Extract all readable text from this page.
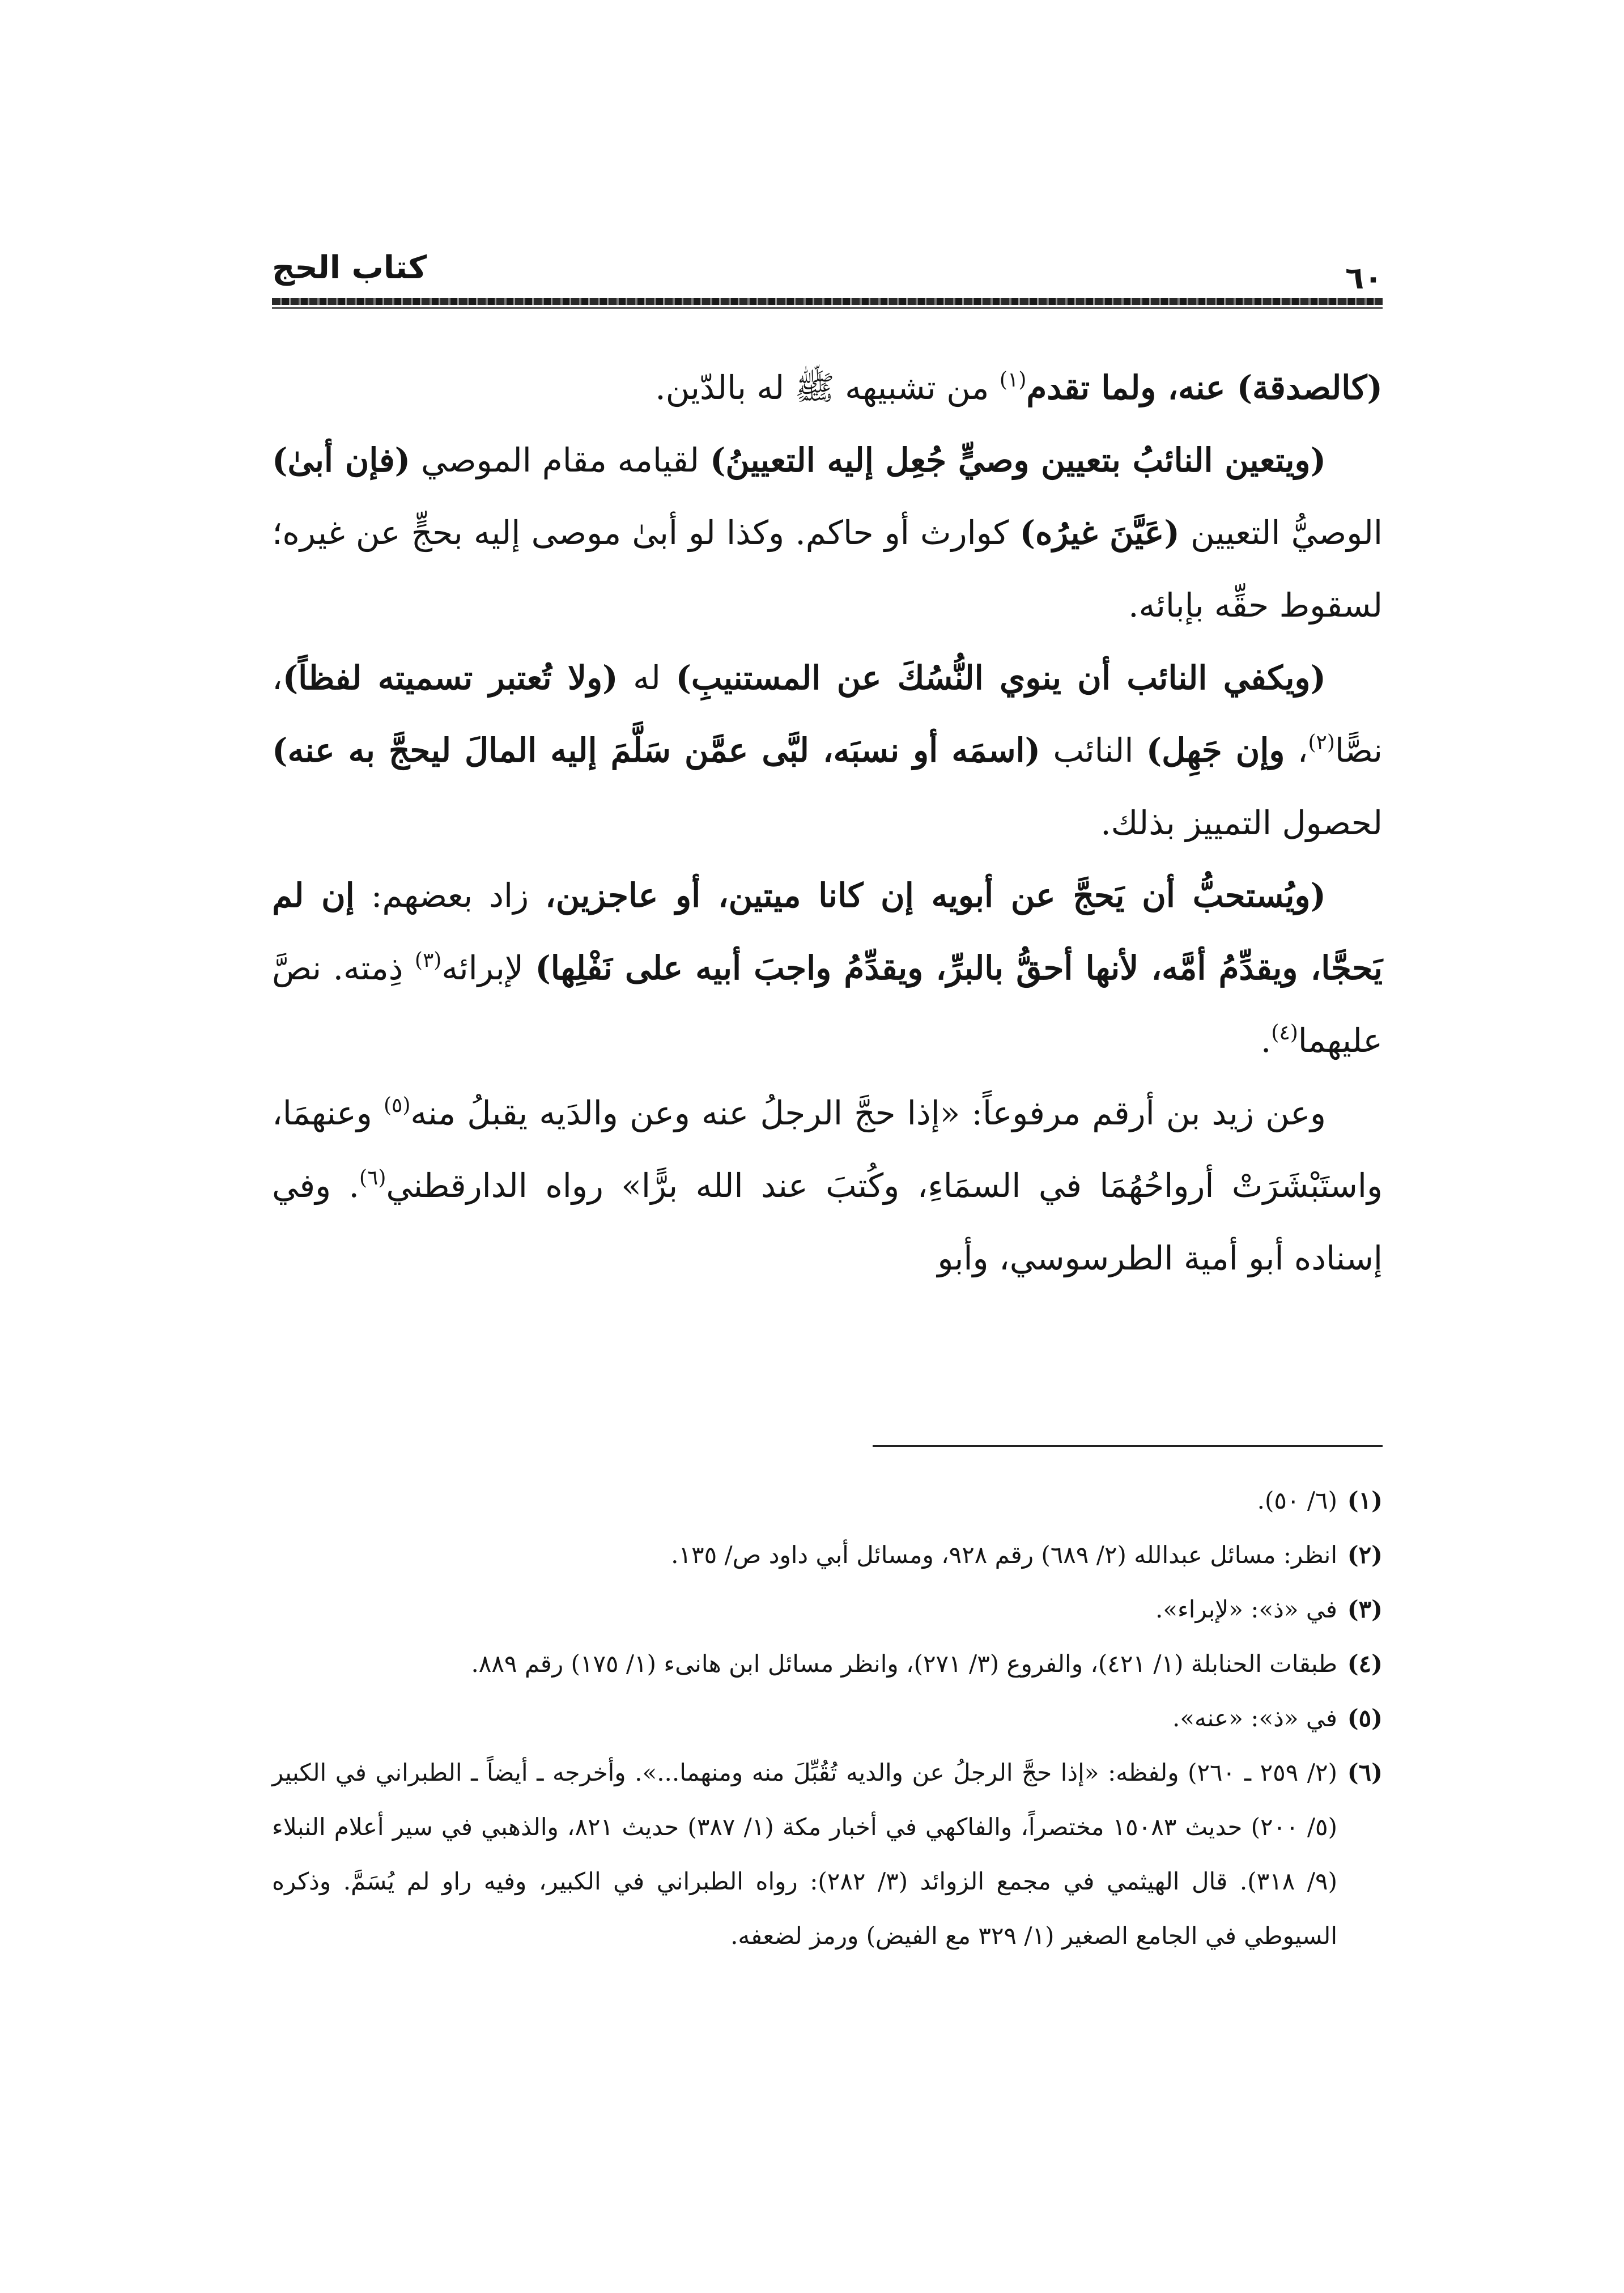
٦٠
كتاب الحج

(كالصدقة) عنه، ولما تقدم$^{(١)}$ من تشبيهه ﷺ له بالدّين.

(ويتعين النائبُ بتعيين وصيٍّ جُعِل إليه التعيينُ) لقيامه مقام الموصي (فإن أبىٰ) الوصيُّ التعيين (عَيَّنَ غيرُه) كوارث أو حاكم. وكذا لو أبىٰ موصى إليه بحجٍّ عن غيره؛ لسقوط حقِّه بإبائه.

(ويكفي النائب أن ينوي النُّسُكَ عن المستنيبِ) له (ولا تُعتبر تسميته لفظاً)، نصًّا$^{(٢)}$، وإن جَهِل) النائب (اسمَه أو نسبَه، لبَّى عمَّن سَلَّمَ إليه المالَ ليحجَّ به عنه) لحصول التمييز بذلك.

(ويُستحبُّ أن يَحجَّ عن أبويه إن كانا ميتين، أو عاجزين، زاد بعضهم: إن لم يَحجَّا، ويقدِّمُ أمَّه، لأنها أحقُّ بالبرِّ، ويقدِّمُ واجبَ أبيه على نَفْلِها) لإبرائه$^{(٣)}$ ذِمته. نصَّ عليهما$^{(٤)}$.

وعن زيد بن أرقم مرفوعاً: «إذا حجَّ الرجلُ عنه وعن والدَيه يقبلُ منه$^{(٥)}$ وعنهمَا، واستَبْشَرَتْ أرواحُهُمَا في السمَاءِ، وكُتبَ عند الله برًّا» رواه الدارقطني$^{(٦)}$. وفي إسناده أبو أمية الطرسوسي، وأبو

(١)
(٦/ ٥٠).
(٢)
انظر: مسائل عبدالله (٢/ ٦٨٩) رقم ٩٢٨، ومسائل أبي داود ص/ ١٣٥.
(٣)
في «ذ»: «لإبراء».
(٤)
طبقات الحنابلة (١/ ٤٢١)، والفروع (٣/ ٢٧١)، وانظر مسائل ابن هانىء (١/ ١٧٥) رقم ٨٨٩.
(٥)
في «ذ»: «عنه».
(٦)
(٢/ ٢٥٩ ـ ٢٦٠) ولفظه: «إذا حجَّ الرجلُ عن والديه تُقُبِّلَ منه ومنهما...». وأخرجه ـ أيضاً ـ الطبراني في الكبير (٥/ ٢٠٠) حديث ١٥٠٨٣ مختصراً، والفاكهي في أخبار مكة (١/ ٣٨٧) حديث ٨٢١، والذهبي في سير أعلام النبلاء (٩/ ٣١٨). قال الهيثمي في مجمع الزوائد (٣/ ٢٨٢): رواه الطبراني في الكبير، وفيه راو لم يُسَمَّ. وذكره السيوطي في الجامع الصغير (١/ ٣٢٩ مع الفيض) ورمز لضعفه.
